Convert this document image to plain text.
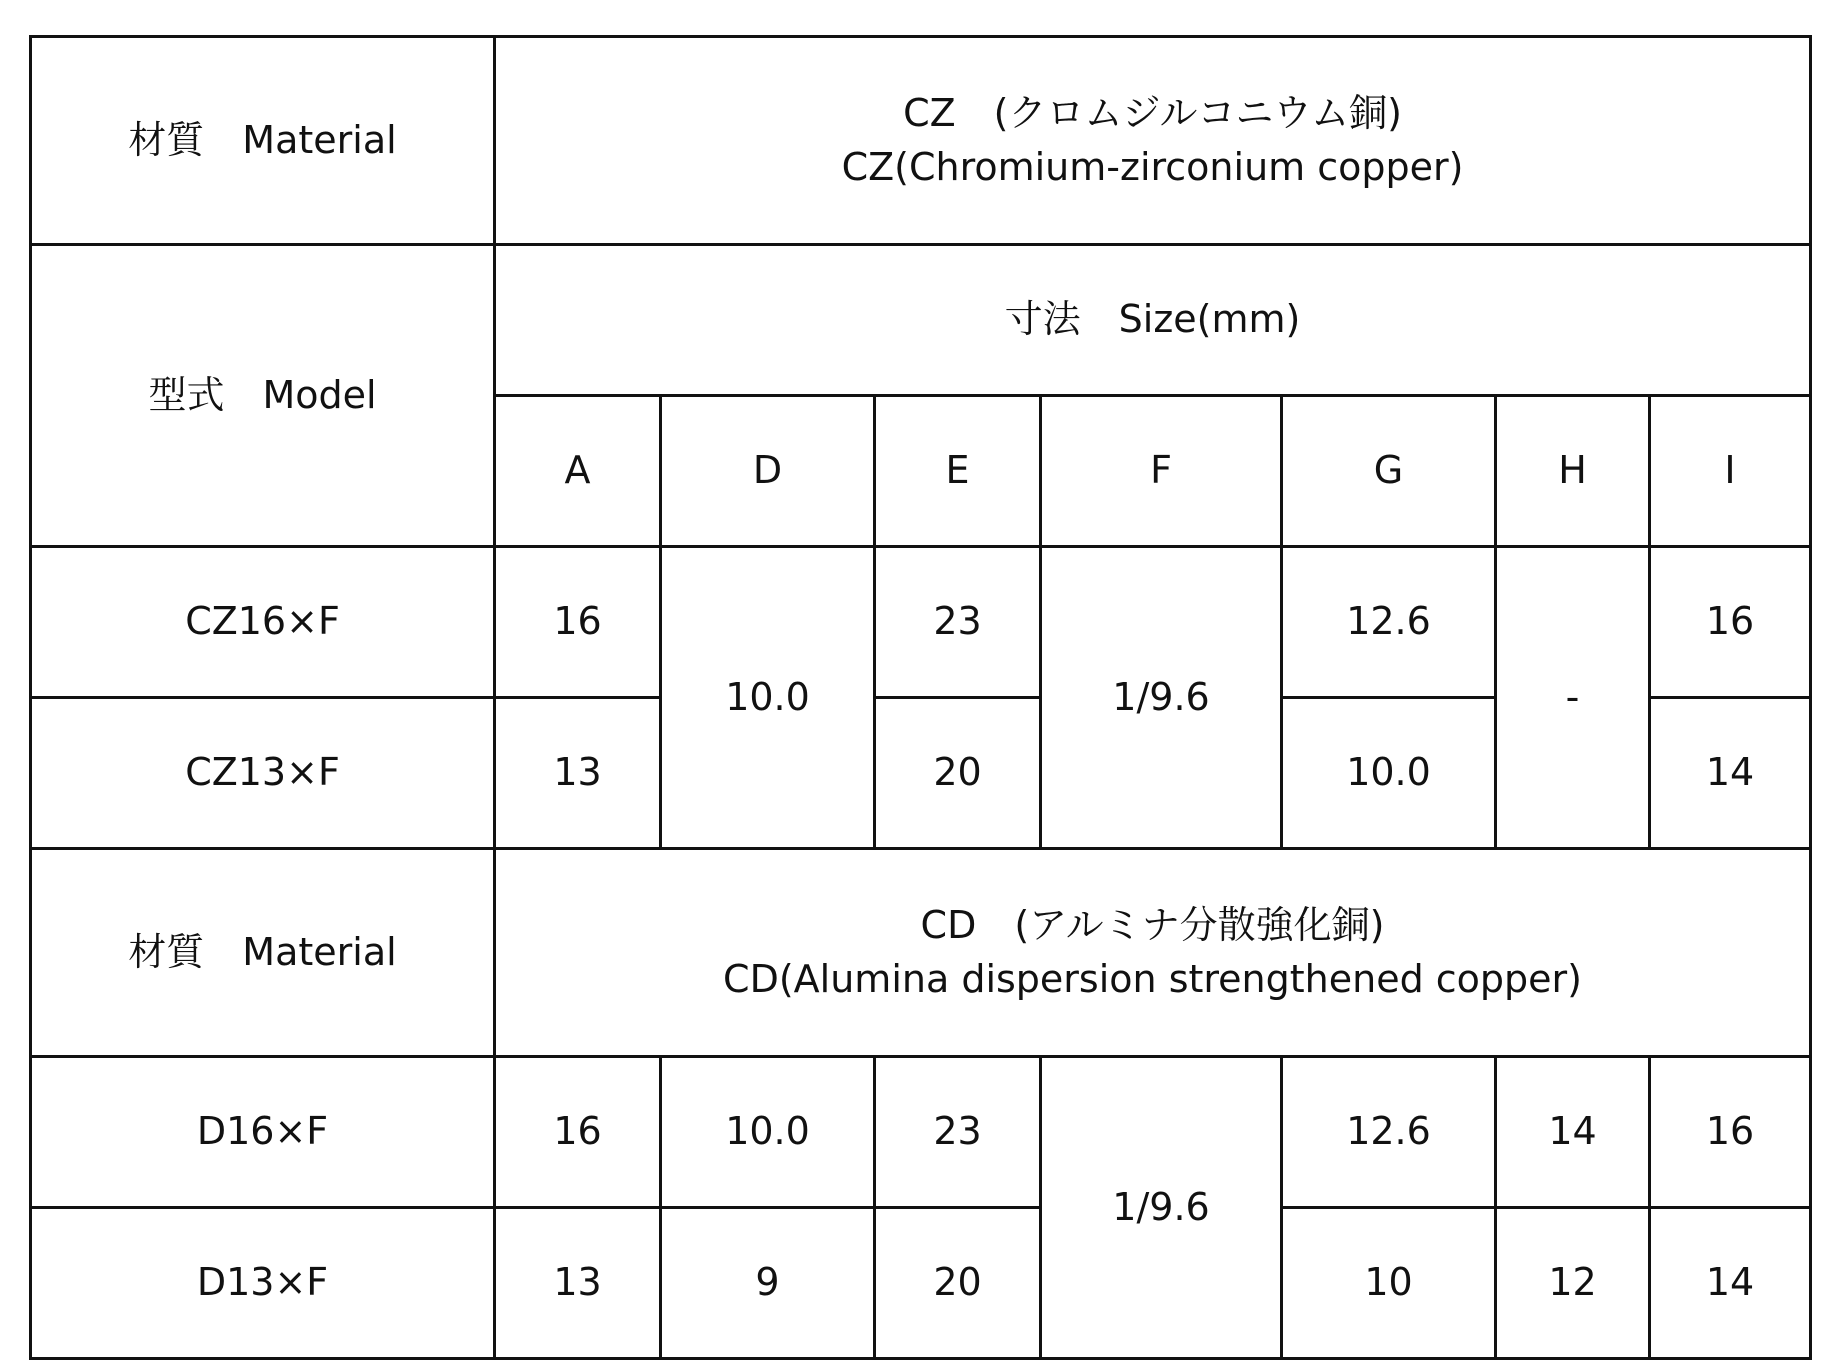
材質　Material	CZ　(クロムジルコニウム銅)
CZ(Chromium-zirconium copper)						

型式　Model	寸法　Size(mm)						
	A	D	E	F	G	H	I
CZ16×F	16	10.0	23	1/9.6	12.6	-	16
CZ13×F	13		20		10.0		14
材質　Material	CD　(アルミナ分散強化銅)
CD(Alumina dispersion strengthened copper)						

D16×F	16	10.0	23	1/9.6	12.6	14	16
D13×F	13	9	20		10	12	14
